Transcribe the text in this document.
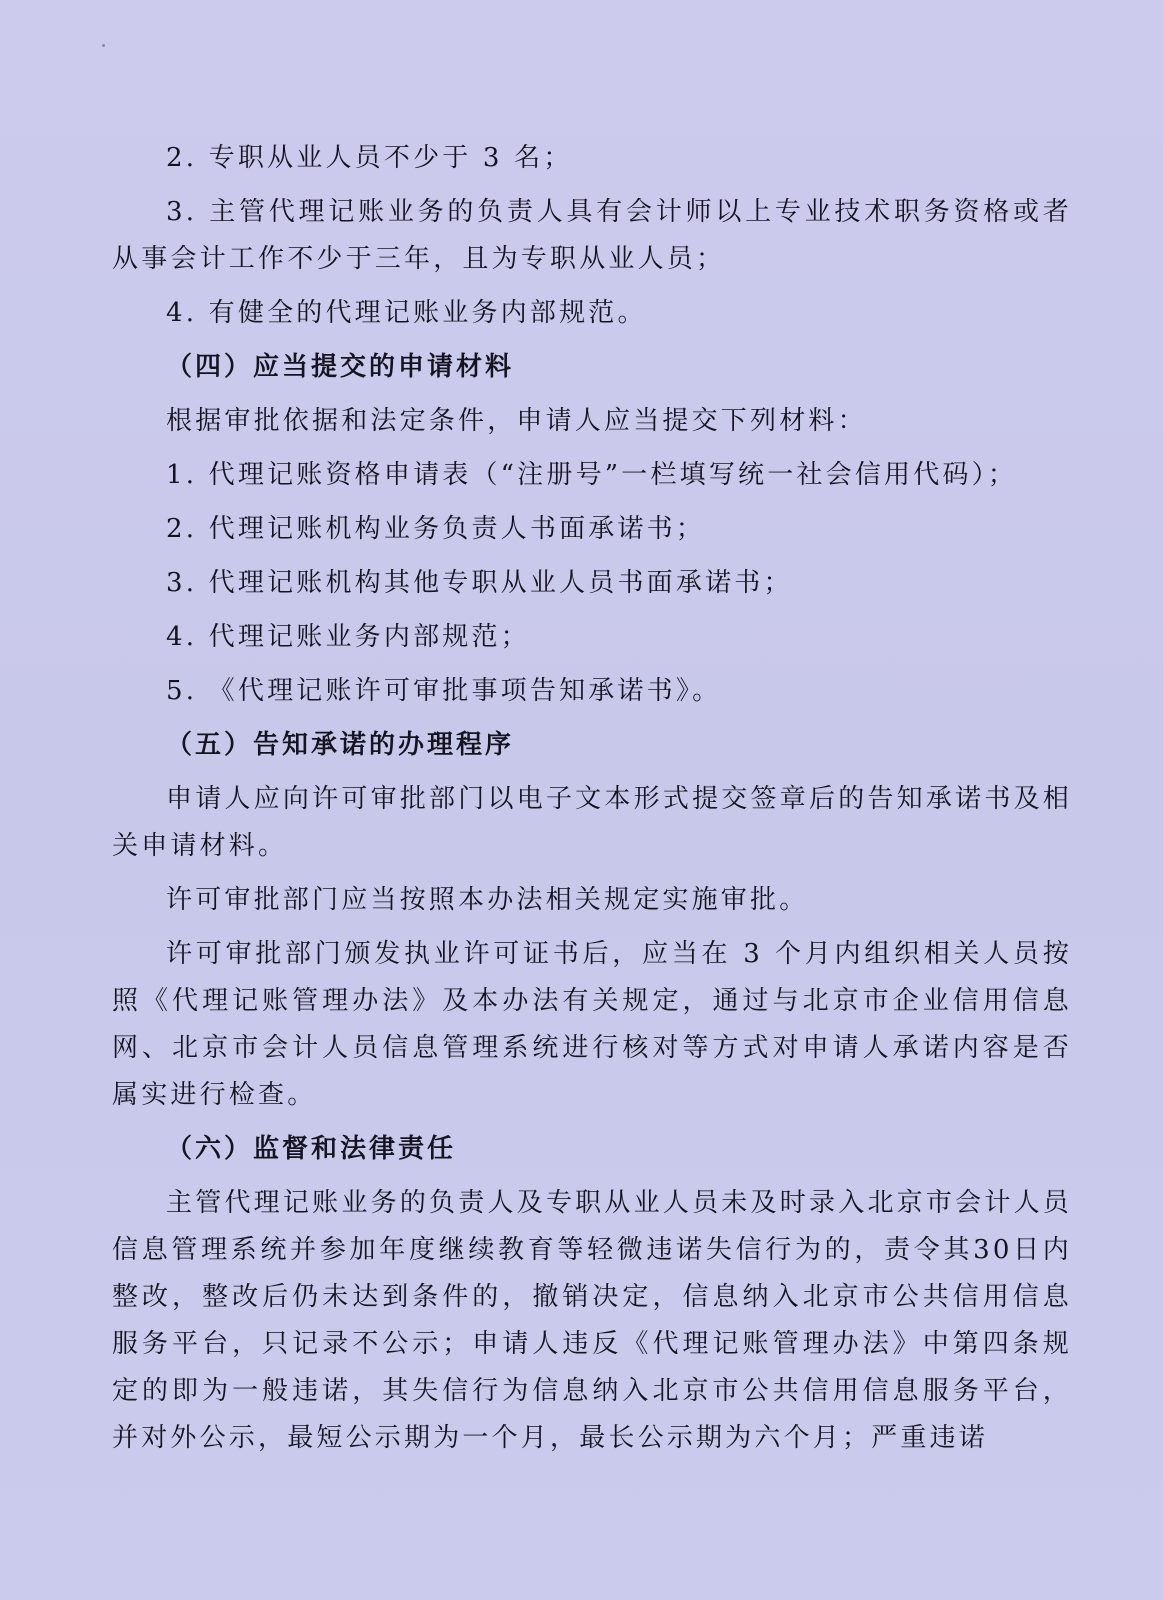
2. 专职从业人员不少于 3 名；

3. 主管代理记账业务的负责人具有会计师以上专业技术职务资格或者从事会计工作不少于三年，且为专职从业人员；

4. 有健全的代理记账业务内部规范。

（四）应当提交的申请材料

根据审批依据和法定条件，申请人应当提交下列材料：

1. 代理记账资格申请表（“注册号”一栏填写统一社会信用代码）；

2. 代理记账机构业务负责人书面承诺书；

3. 代理记账机构其他专职从业人员书面承诺书；

4. 代理记账业务内部规范；

5. 《代理记账许可审批事项告知承诺书》。

（五）告知承诺的办理程序

申请人应向许可审批部门以电子文本形式提交签章后的告知承诺书及相关申请材料。

许可审批部门应当按照本办法相关规定实施审批。

许可审批部门颁发执业许可证书后，应当在 3 个月内组织相关人员按照《代理记账管理办法》及本办法有关规定，通过与北京市企业信用信息网、北京市会计人员信息管理系统进行核对等方式对申请人承诺内容是否属实进行检查。

（六）监督和法律责任

主管代理记账业务的负责人及专职从业人员未及时录入北京市会计人员信息管理系统并参加年度继续教育等轻微违诺失信行为的，责令其30日内整改，整改后仍未达到条件的，撤销决定，信息纳入北京市公共信用信息服务平台，只记录不公示；申请人违反《代理记账管理办法》中第四条规定的即为一般违诺，其失信行为信息纳入北京市公共信用信息服务平台，并对外公示，最短公示期为一个月，最长公示期为六个月；严重违诺
